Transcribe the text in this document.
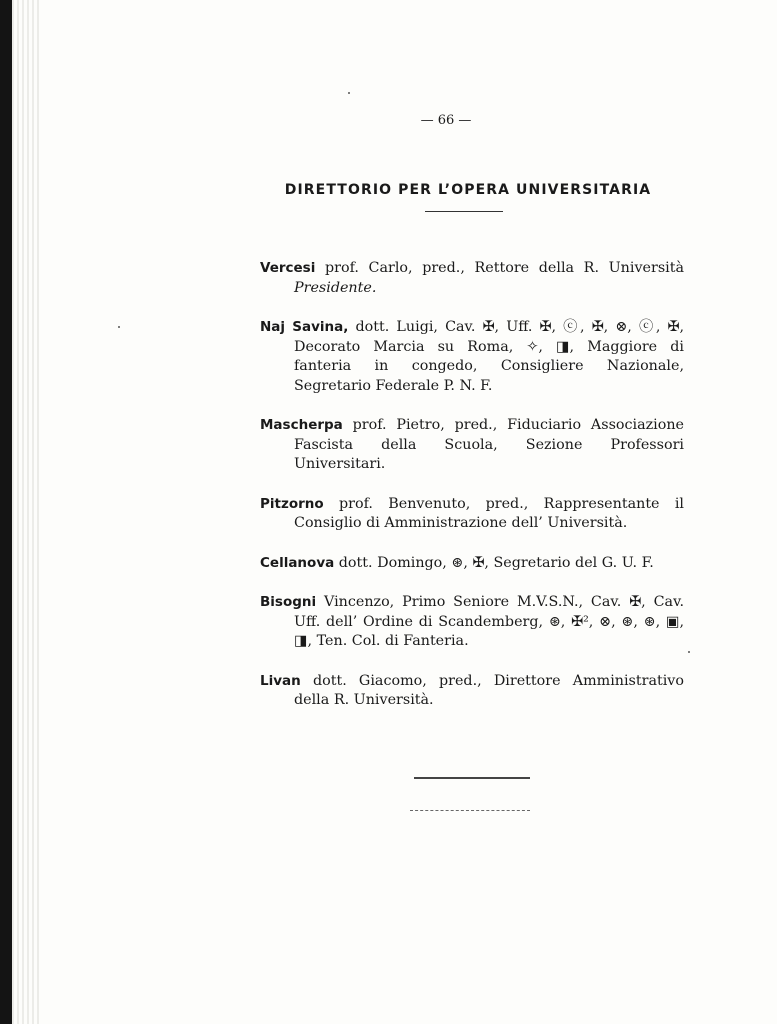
— 66 —
DIRETTORIO PER L’OPERA UNIVERSITARIA
Vercesi prof. Carlo, pred., Rettore della R. Università Presidente.
Naj Savina, dott. Luigi, Cav. ✠, Uff. ✠, ⓒ, ✠, ⊗, ⓒ, ✠, Decorato Marcia su Roma, ✧, ◨, Maggiore di fanteria in congedo, Consigliere Nazionale, Segretario Federale P. N. F.
Mascherpa prof. Pietro, pred., Fiduciario Associazione Fascista della Scuola, Sezione Professori Universitari.
Pitzorno prof. Benvenuto, pred., Rappresentante il Consiglio di Amministrazione dell’ Università.
Cellanova dott. Domingo, ⊛, ✠, Segretario del G. U. F.
Bisogni Vincenzo, Primo Seniore M.V.S.N., Cav. ✠, Cav. Uff. dell’ Ordine di Scandemberg, ⊛, ✠², ⊗, ⊛, ⊛, ▣, ◨, Ten. Col. di Fanteria.
Livan dott. Giacomo, pred., Direttore Amministrativo della R. Università.
